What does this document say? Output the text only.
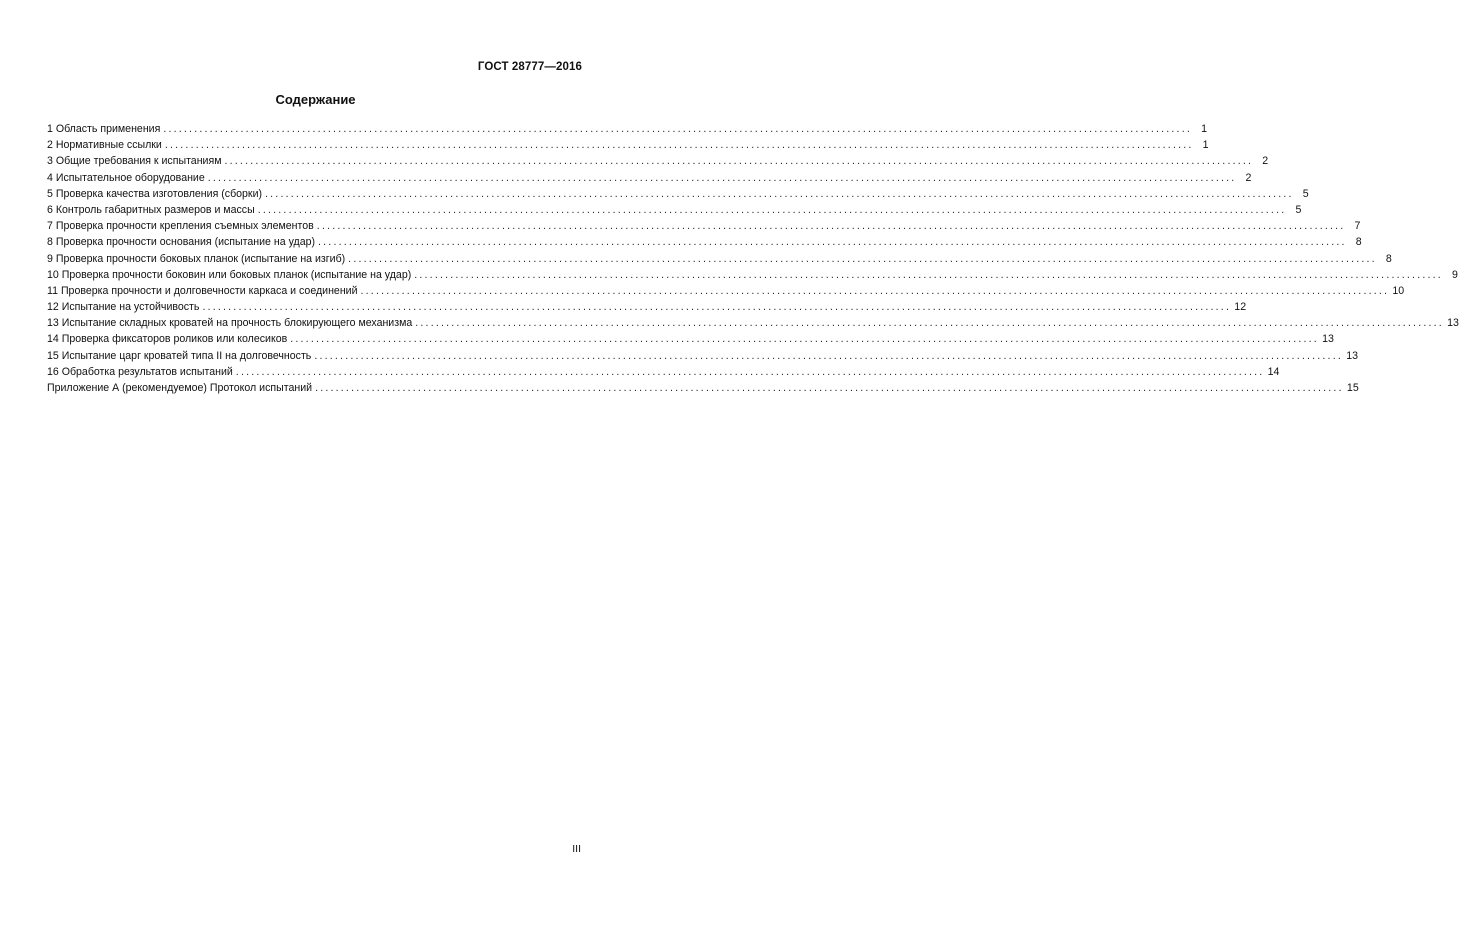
ГОСТ 28777—2016
Содержание
1 Область применения ........................................................................................................................................................................................................ 1
2 Нормативные ссылки ........................................................................................................................................................................................................ 1
3 Общие требования к испытаниям ........................................................................................................................................................................................................ 2
4 Испытательное оборудование ........................................................................................................................................................................................................ 2
5 Проверка качества изготовления (сборки) ........................................................................................................................................................................................................ 5
6 Контроль габаритных размеров и массы ........................................................................................................................................................................................................ 5
7 Проверка прочности крепления съемных элементов ........................................................................................................................................................................................................ 7
8 Проверка прочности основания (испытание на удар) ........................................................................................................................................................................................................ 8
9 Проверка прочности боковых планок (испытание на изгиб) ........................................................................................................................................................................................................ 8
10 Проверка прочности боковин или боковых планок (испытание на удар) ........................................................................................................................................................................................................ 9
11 Проверка прочности и долговечности каркаса и соединений ........................................................................................................................................................................................................ 10
12 Испытание на устойчивость ........................................................................................................................................................................................................ 12
13 Испытание складных кроватей на прочность блокирующего механизма ........................................................................................................................................................................................................ 13
14 Проверка фиксаторов роликов или колесиков ........................................................................................................................................................................................................ 13
15 Испытание царг кроватей типа II на долговечность ........................................................................................................................................................................................................ 13
16 Обработка результатов испытаний ........................................................................................................................................................................................................ 14
Приложение А (рекомендуемое) Протокол испытаний ........................................................................................................................................................................................................ 15
III
